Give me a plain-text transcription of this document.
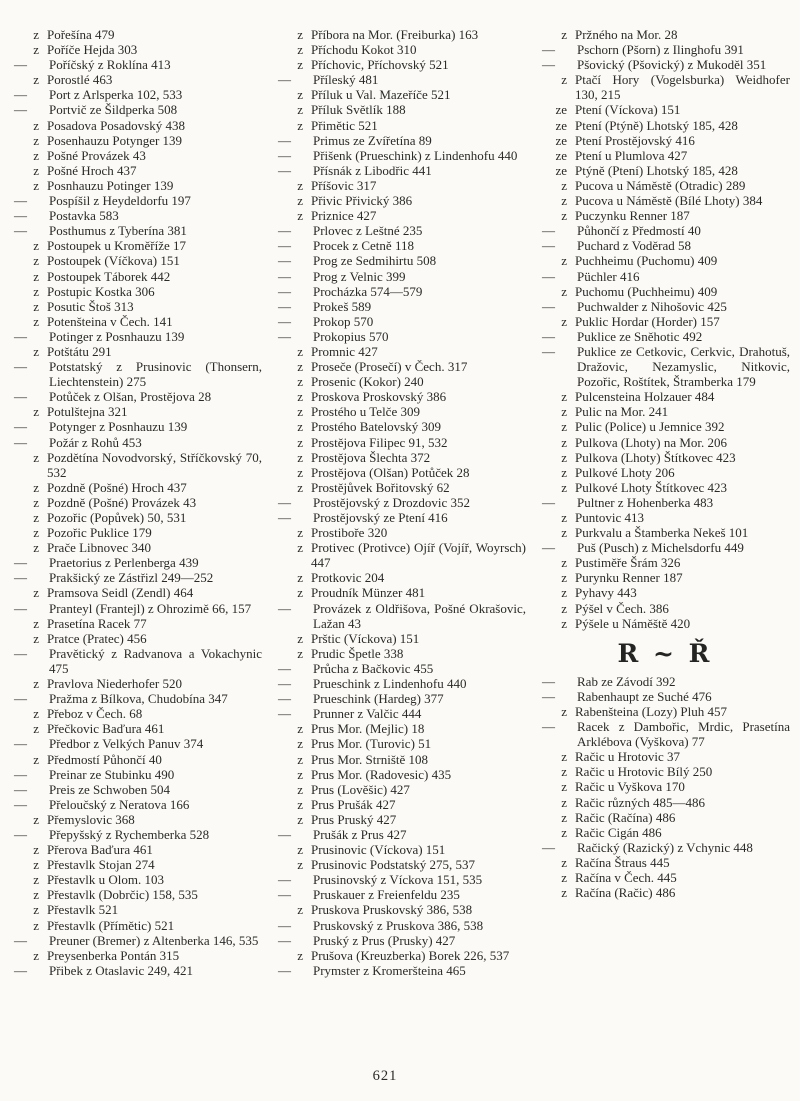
z Pořešína 479
z Poříče Hejda 303
—	Poříčský z Roklína 413
z Porostlé 463
—	Port z Arlsperka 102, 533
—	Portvič ze Šildperka 508
z Posadova Posadovský 438
z Posenhauzu Potynger 139
z Pošné Provázek 43
z Pošné Hroch 437
z Posnhauzu Potinger 139
—	Pospíšil z Heydeldorfu 197
—	Postavka 583
—	Posthumus z Tyberína 381
z Postoupek u Kroměříže 17
z Postoupek (Víčkova) 151
z Postoupek Táborek 442
z Postupic Kostka 306
z Posutic Štoš 313
z Potenšteina v Čech. 141
—	Potinger z Posnhauzu 139
z Potštátu 291
—	Potstatský z Prusinovic (Thonsern, Liechtenstein) 275
—	Potůček z Olšan, Prostějova 28
z Potulštejna 321
—	Potynger z Posnhauzu 139
—	Požár z Rohů 453
z Pozdětína Novodvorský, Stříčkovský 70, 532
z Pozdně (Pošné) Hroch 437
z Pozdně (Pošné) Provázek 43
z Pozořic (Popůvek) 50, 531
z Pozořic Puklice 179
z Prače Libnovec 340
—	Praetorius z Perlenberga 439
—	Prakšický ze Zástřizl 249—252
z Pramsova Seidl (Zendl) 464
—	Pranteyl (Frantejl) z Ohrozimě 66, 157
z Prasetína Racek 77
z Pratce (Pratec) 456
—	Pravětický z Radvanova a Vokachynic 475
z Pravlova Niederhofer 520
—	Pražma z Bílkova, Chudobína 347
z Přeboz v Čech. 68
z Přečkovic Baďura 461
—	Předbor z Velkých Panuv 374
z Předmostí Půhončí 40
—	Preinar ze Stubinku 490
—	Preis ze Schwoben 504
—	Přeloučský z Neratova 166
z Přemyslovic 368
—	Přepyšský z Rychemberka 528
z Přerova Baďura 461
z Přestavlk Stojan 274
z Přestavlk u Olom. 103
z Přestavlk (Dobrčic) 158, 535
z Přestavlk 521
z Přestavlk (Přímětic) 521
—	Preuner (Bremer) z Altenberka 146, 535
z Preysenberka Pontán 315
—	Přibek z Otaslavic 249, 421
z Příbora na Mor. (Freiburka) 163
z Příchodu Kokot 310
z Příchovic, Příchovský 521
—	Příleský 481
z Příluk u Val. Mazeříče 521
z Příluk Světlík 188
z Přimětic 521
—	Primus ze Zvířetína 89
—	Přišenk (Prueschink) z Lindenhofu 440
—	Přísnák z Libodřic 441
z Příšovic 317
z Přivic Přivický 386
z Priznice 427
—	Prlovec z Leštné 235
—	Procek z Cetně 118
—	Prog ze Sedmihirtu 508
—	Prog z Velnic 399
—	Procházka 574—579
—	Prokeš 589
—	Prokop 570
—	Prokopius 570
z Promnic 427
z Proseče (Prosečí) v Čech. 317
z Prosenic (Kokor) 240
z Proskova Proskovský 386
z Prostého u Telče 309
z Prostého Batelovský 309
z Prostějova Filipec 91, 532
z Prostějova Šlechta 372
z Prostějova (Olšan) Potůček 28
z Prostějůvek Bořitovský 62
—	Prostějovský z Drozdovic 352
—	Prostějovský ze Ptení 416
z Prostiboře 320
z Protivec (Protivce) Ojíř (Vojíř, Woyrsch) 447
z Protkovic 204
z Proudník Münzer 481
—	Provázek z Oldřišova, Pošné Okrašovic, Lažan 43
z Prštic (Víckova) 151
z Prudic Špetle 338
—	Průcha z Bačkovic 455
—	Prueschink z Lindenhofu 440
—	Prueschink (Hardeg) 377
—	Prunner z Valčic 444
z Prus Mor. (Mejlic) 18
z Prus Mor. (Turovic) 51
z Prus Mor. Strniště 108
z Prus Mor. (Radovesic) 435
z Prus (Lověšic) 427
z Prus Prušák 427
z Prus Pruský 427
—	Prušák z Prus 427
z Prusinovic (Víckova) 151
z Prusinovic Podstatský 275, 537
—	Prusinovský z Víckova 151, 535
—	Pruskauer z Freienfeldu 235
z Pruskova Pruskovský 386, 538
—	Pruskovský z Pruskova 386, 538
—	Pruský z Prus (Prusky) 427
z Prušova (Kreuzberka) Borek 226, 537
—	Prymster z Kromeršteina 465
z Pržného na Mor. 28
—	Pschorn (Pšorn) z Ilinghofu 391
—	Pšovický (Pšovický) z Mukoděl 351
z Ptačí Hory (Vogelsburka) Weidhofer 130, 215
ze Ptení (Víckova) 151
ze Ptení (Ptýně) Lhotský 185, 428
ze Ptení Prostějovský 416
ze Ptení u Plumlova 427
ze Ptýně (Ptení) Lhotský 185, 428
z Pucova u Náměstě (Otradic) 289
z Pucova u Náměstě (Bílé Lhoty) 384
z Puczynku Renner 187
—	Půhončí z Předmostí 40
—	Puchard z Voděrad 58
z Puchheimu (Puchomu) 409
—	Püchler 416
z Puchomu (Puchheimu) 409
—	Puchwalder z Nihošovic 425
z Puklic Hordar (Horder) 157
—	Puklice ze Sněhotic 492
—	Puklice ze Cetkovic, Cerkvic, Drahotuš, Dražovic, Nezamyslic, Nitkovic, Pozořic, Roštítek, Štramberka 179
z Pulcensteina Holzauer 484
z Pulic na Mor. 241
z Pulic (Police) u Jemnice 392
z Pulkova (Lhoty) na Mor. 206
z Pulkova (Lhoty) Štítkovec 423
z Pulkové Lhoty 206
z Pulkové Lhoty Štítkovec 423
—	Pultner z Hohenberka 483
z Puntovic 413
z Purkvalu a Štamberka Nekeš 101
—	Puš (Pusch) z Michelsdorfu 449
z Pustiměře Šrám 326
z Purynku Renner 187
z Pyhavy 443
z Pýšel v Čech. 386
z Pýšele u Náměště 420
R ~ Ř
—	Rab ze Závodí 392
—	Rabenhaupt ze Suché 476
z Rabenšteina (Lozy) Pluh 457
—	Racek z Dambořic, Mrdic, Prasetína Arklébova (Vyškova) 77
z Račic u Hrotovic 37
z Račic u Hrotovic Bílý 250
z Račic u Vyškova 170
z Račic různých 485—486
z Račic (Račína) 486
z Račic Cigán 486
—	Račický (Razický) z Vchynic 448
z Račína Štraus 445
z Račína v Čech. 445
z Račína (Račic) 486
621
